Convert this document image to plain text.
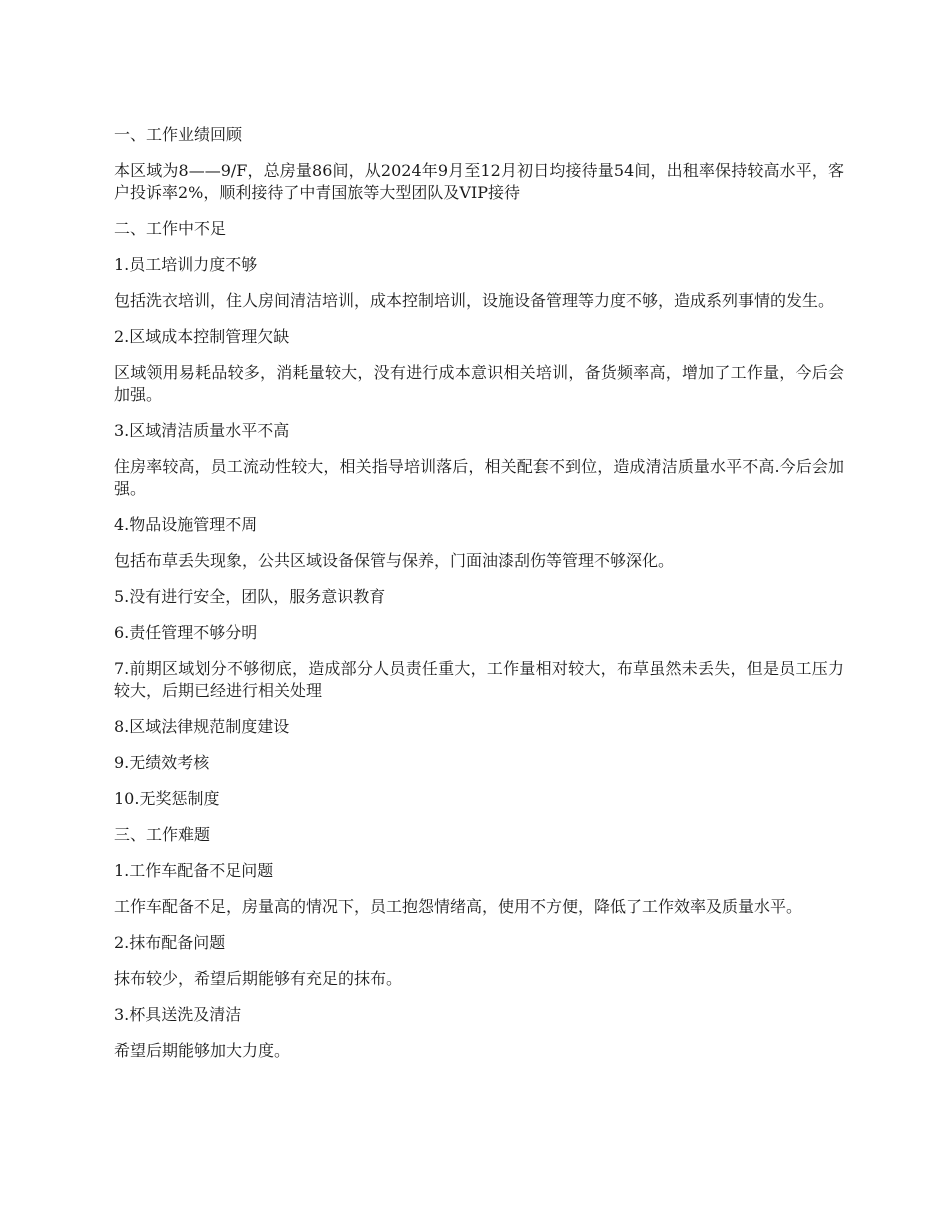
一、工作业绩回顾

本区域为8——9/F，总房量86间，从2024年9月至12月初日均接待量54间，出租率保持较高水平，客户投诉率2%，顺利接待了中青国旅等大型团队及VIP接待

二、工作中不足

1.员工培训力度不够

包括洗衣培训，住人房间清洁培训，成本控制培训，设施设备管理等力度不够，造成系列事情的发生。

2.区域成本控制管理欠缺

区域领用易耗品较多，消耗量较大，没有进行成本意识相关培训，备货频率高，增加了工作量，今后会加强。

3.区域清洁质量水平不高

住房率较高，员工流动性较大，相关指导培训落后，相关配套不到位，造成清洁质量水平不高.今后会加强。

4.物品设施管理不周

包括布草丢失现象，公共区域设备保管与保养，门面油漆刮伤等管理不够深化。

5.没有进行安全，团队，服务意识教育

6.责任管理不够分明

7.前期区域划分不够彻底，造成部分人员责任重大，工作量相对较大，布草虽然未丢失，但是员工压力较大，后期已经进行相关处理

8.区域法律规范制度建设

9.无绩效考核

10.无奖惩制度

三、工作难题

1.工作车配备不足问题

工作车配备不足，房量高的情况下，员工抱怨情绪高，使用不方便，降低了工作效率及质量水平。

2.抹布配备问题

抹布较少，希望后期能够有充足的抹布。

3.杯具送洗及清洁

希望后期能够加大力度。
